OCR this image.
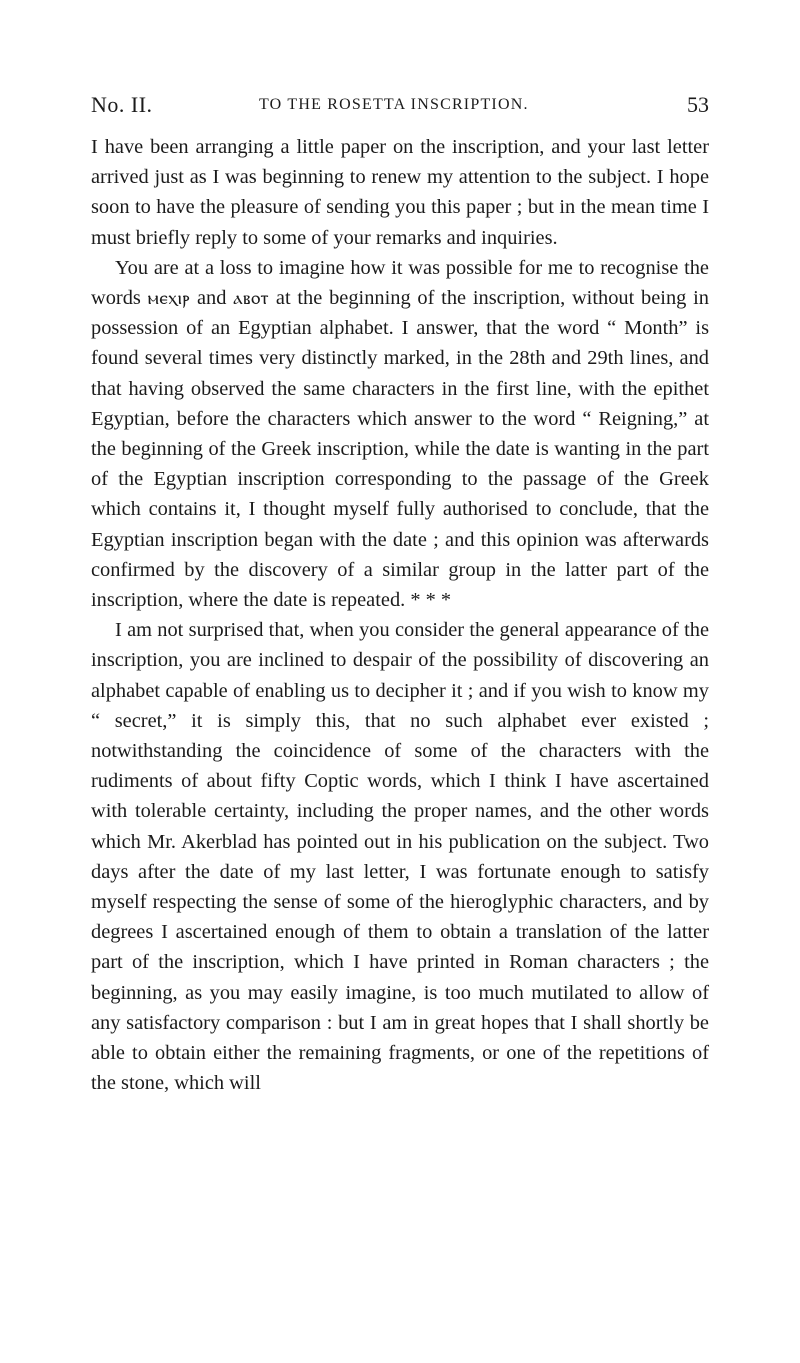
No. II.	TO THE ROSETTA INSCRIPTION.	53

I have been arranging a little paper on the inscription, and your last letter arrived just as I was beginning to renew my attention to the subject. I hope soon to have the pleasure of sending you this paper ; but in the mean time I must briefly reply to some of your remarks and inquiries.

You are at a loss to imagine how it was possible for me to recognise the words ⲙⲉⲭⲓⲣ and ⲁⲃⲟⲧ at the beginning of the inscription, without being in possession of an Egyptian alphabet. I answer, that the word “ Month” is found several times very distinctly marked, in the 28th and 29th lines, and that having observed the same characters in the first line, with the epithet Egyptian, before the characters which answer to the word “ Reigning,” at the beginning of the Greek inscription, while the date is wanting in the part of the Egyptian inscription corresponding to the passage of the Greek which contains it, I thought myself fully authorised to conclude, that the Egyptian inscription began with the date ; and this opinion was afterwards confirmed by the discovery of a similar group in the latter part of the inscription, where the date is repeated. * * *

I am not surprised that, when you consider the general appearance of the inscription, you are inclined to despair of the possibility of discovering an alphabet capable of enabling us to decipher it ; and if you wish to know my “ secret,” it is simply this, that no such alphabet ever existed ; notwithstanding the coincidence of some of the characters with the rudiments of about fifty Coptic words, which I think I have ascertained with tolerable certainty, including the proper names, and the other words which Mr. Akerblad has pointed out in his publication on the subject. Two days after the date of my last letter, I was fortunate enough to satisfy myself respecting the sense of some of the hieroglyphic characters, and by degrees I ascertained enough of them to obtain a translation of the latter part of the inscription, which I have printed in Roman characters ; the beginning, as you may easily imagine, is too much mutilated to allow of any satisfactory comparison : but I am in great hopes that I shall shortly be able to obtain either the remaining fragments, or one of the repetitions of the stone, which will
